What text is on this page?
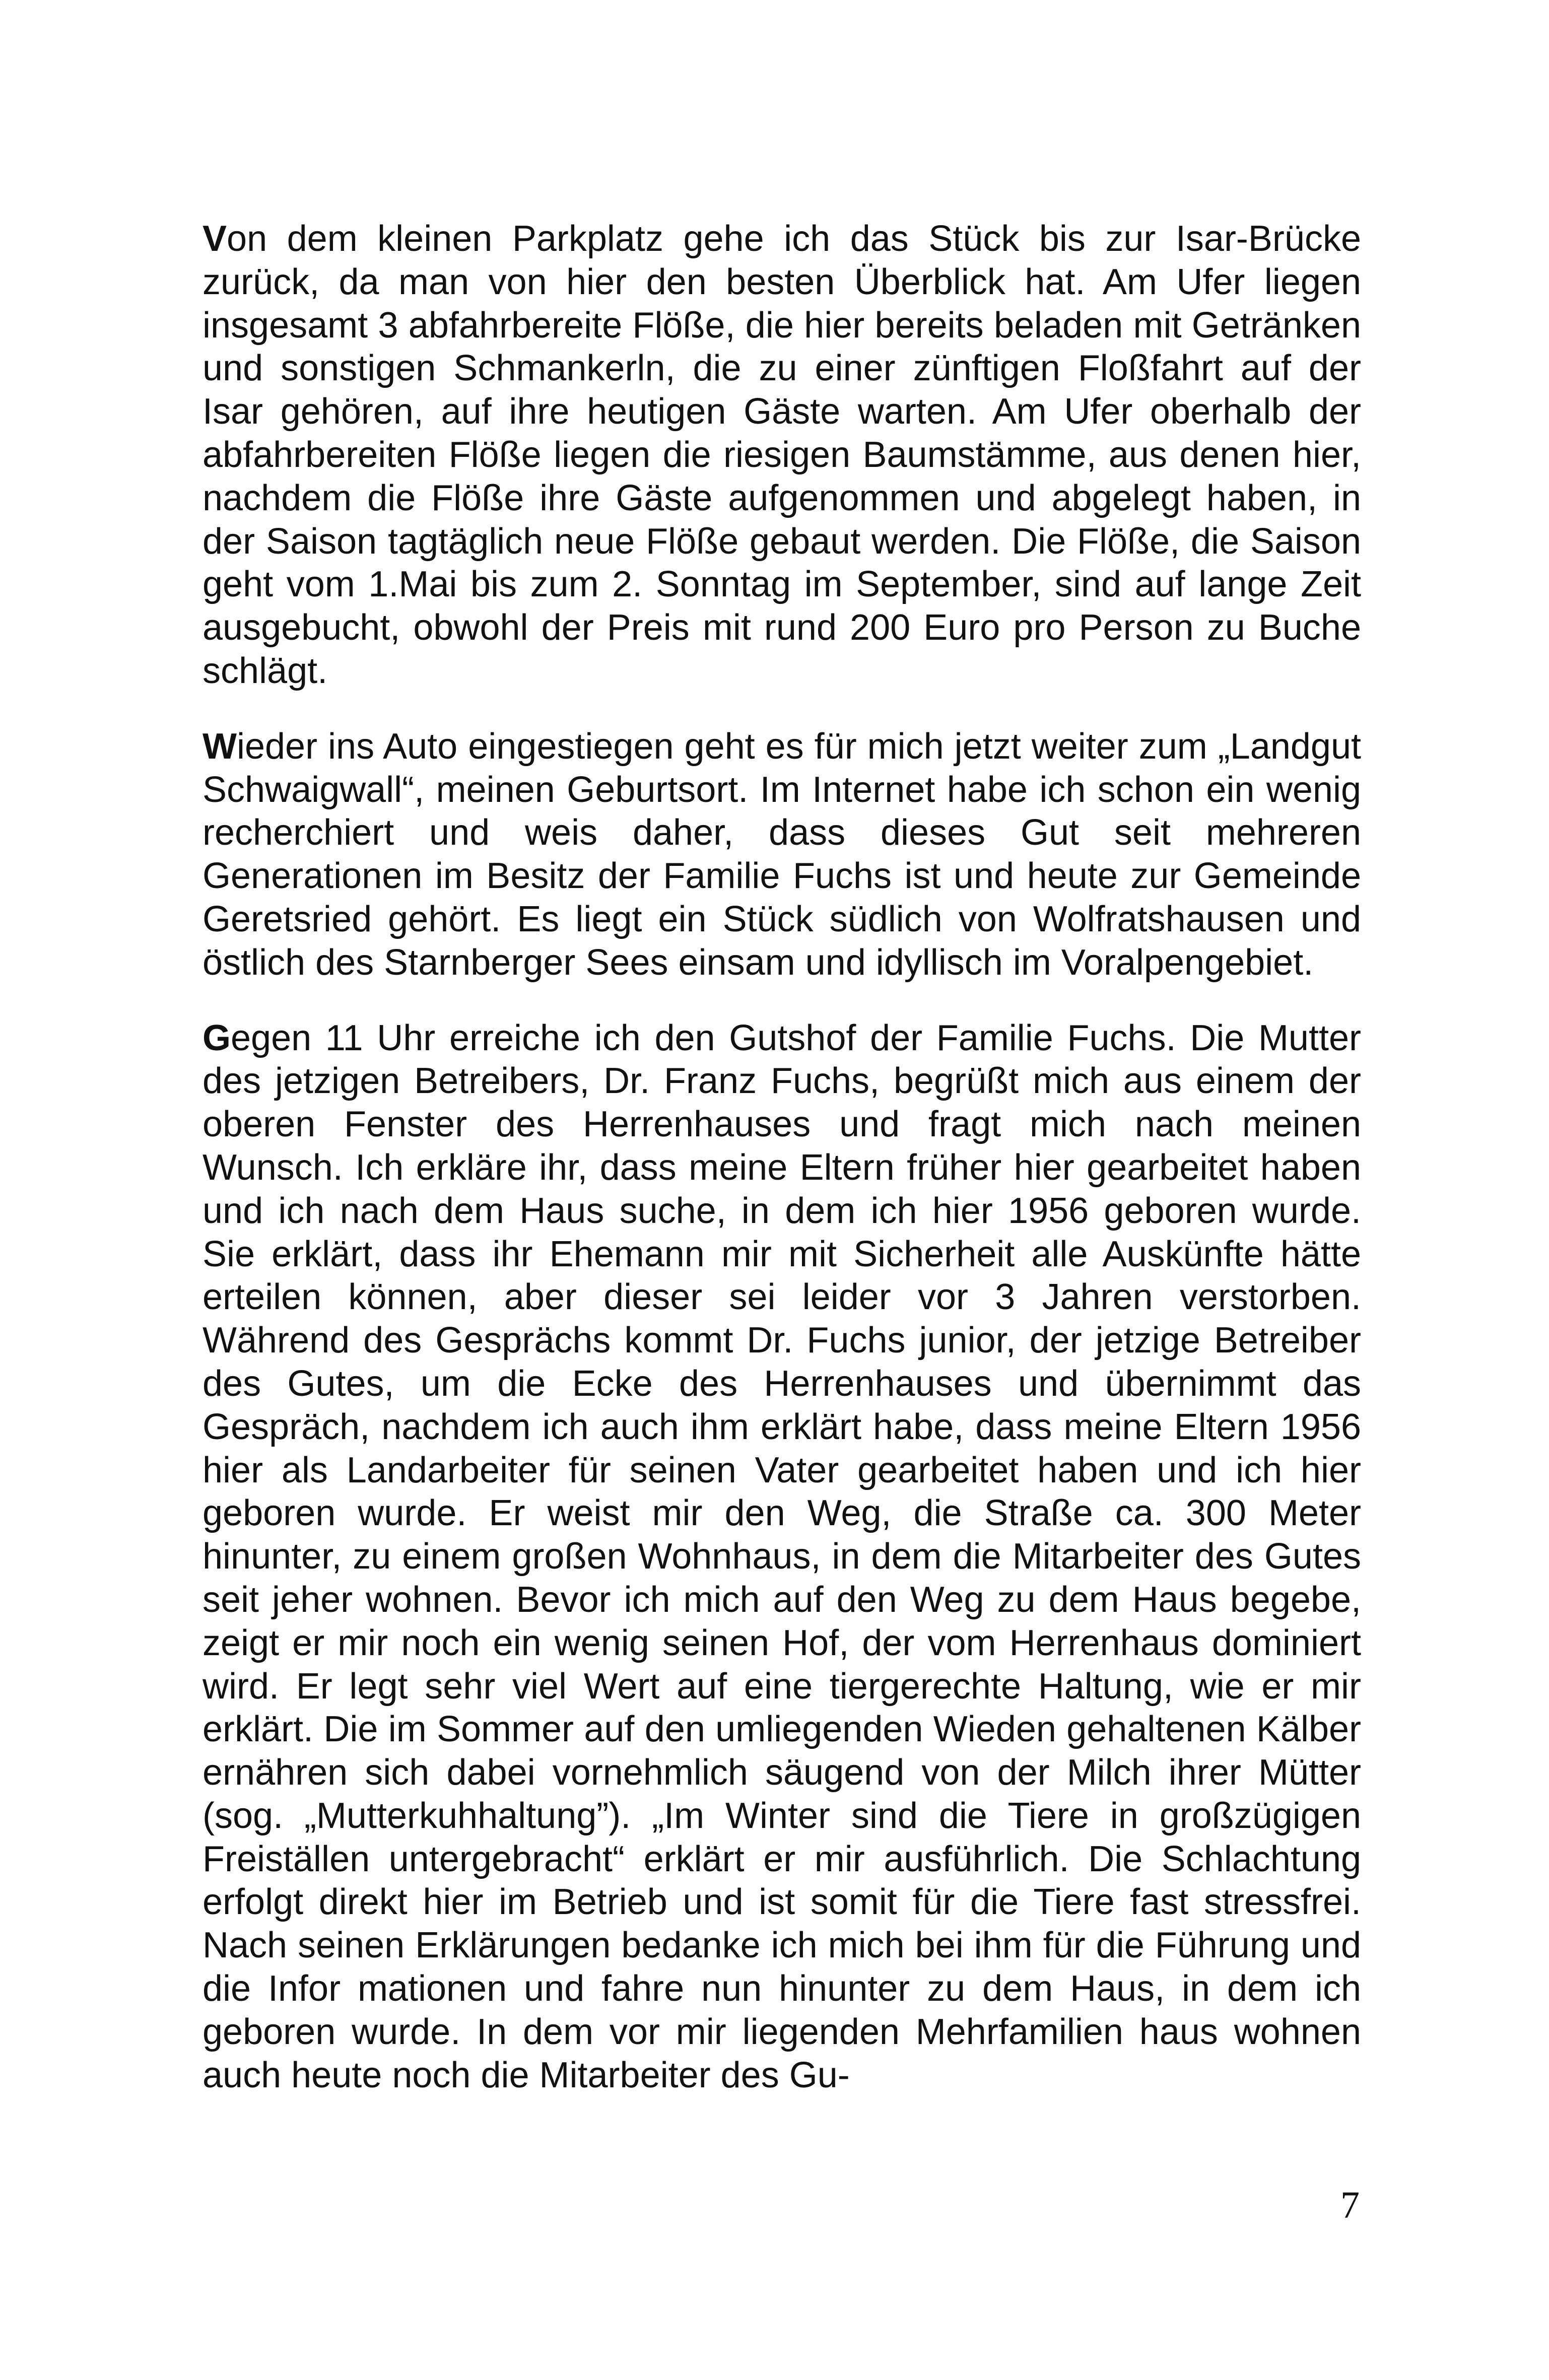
Von dem kleinen Parkplatz gehe ich das Stück bis zur Isar-Brücke zurück, da man von hier den besten Überblick hat. Am Ufer liegen insgesamt 3 abfahrbereite Flöße, die hier bereits beladen mit Getränken und sonstigen Schmankerln, die zu einer zünftigen Floßfahrt auf der Isar gehören, auf ihre heutigen Gäste warten. Am Ufer oberhalb der abfahrbereiten Flöße liegen die riesigen Baumstämme, aus denen hier, nachdem die Flöße ihre Gäste aufgenommen und abgelegt haben, in der Saison tagtäglich neue Flöße gebaut werden. Die Flöße, die Saison geht vom 1.Mai bis zum 2. Sonntag im September, sind auf lange Zeit ausgebucht, obwohl der Preis mit rund 200 Euro pro Person zu Buche schlägt.

Wieder ins Auto eingestiegen geht es für mich jetzt weiter zum „Landgut Schwaigwall“, meinen Geburtsort. Im Internet habe ich schon ein wenig recherchiert und weis daher, dass dieses Gut seit mehreren Generationen im Besitz der Familie Fuchs ist und heute zur Gemeinde Geretsried gehört. Es liegt ein Stück südlich von Wolfratshausen und östlich des Starnberger Sees einsam und idyllisch im Voralpengebiet.

Gegen 11 Uhr erreiche ich den Gutshof der Familie Fuchs. Die Mutter des jetzigen Betreibers, Dr. Franz Fuchs, begrüßt mich aus einem der oberen Fenster des Herrenhauses und fragt mich nach meinen Wunsch. Ich erkläre ihr, dass meine Eltern früher hier gearbeitet haben und ich nach dem Haus suche, in dem ich hier 1956 geboren wurde. Sie erklärt, dass ihr Ehemann mir mit Sicherheit alle Auskünfte hätte erteilen können, aber dieser sei leider vor 3 Jahren verstorben. Während des Gesprächs kommt Dr. Fuchs junior, der jetzige Betreiber des Gutes, um die Ecke des Herrenhauses und übernimmt das Gespräch, nachdem ich auch ihm erklärt habe, dass meine Eltern 1956 hier als Landarbeiter für seinen Vater gearbeitet haben und ich hier geboren wurde. Er weist mir den Weg, die Straße ca. 300 Meter hinunter, zu einem großen Wohnhaus, in dem die Mitarbeiter des Gutes seit jeher wohnen. Bevor ich mich auf den Weg zu dem Haus begebe, zeigt er mir noch ein wenig seinen Hof, der vom Herrenhaus dominiert wird. Er legt sehr viel Wert auf eine tiergerechte Haltung, wie er mir erklärt. Die im Sommer auf den umliegenden Wieden gehaltenen Kälber ernähren sich dabei vornehmlich säugend von der Milch ihrer Mütter (sog. „Mutterkuhhaltung”). „Im Winter sind die Tiere in großzügigen Freiställen untergebracht“ erklärt er mir ausführlich. Die Schlachtung erfolgt direkt hier im Betrieb und ist somit für die Tiere fast stressfrei. Nach seinen Erklärungen bedanke ich mich bei ihm für die Führung und die Infor mationen und fahre nun hinunter zu dem Haus, in dem ich geboren wurde. In dem vor mir liegenden Mehrfamilien haus wohnen auch heute noch die Mitarbeiter des Gu-

7
